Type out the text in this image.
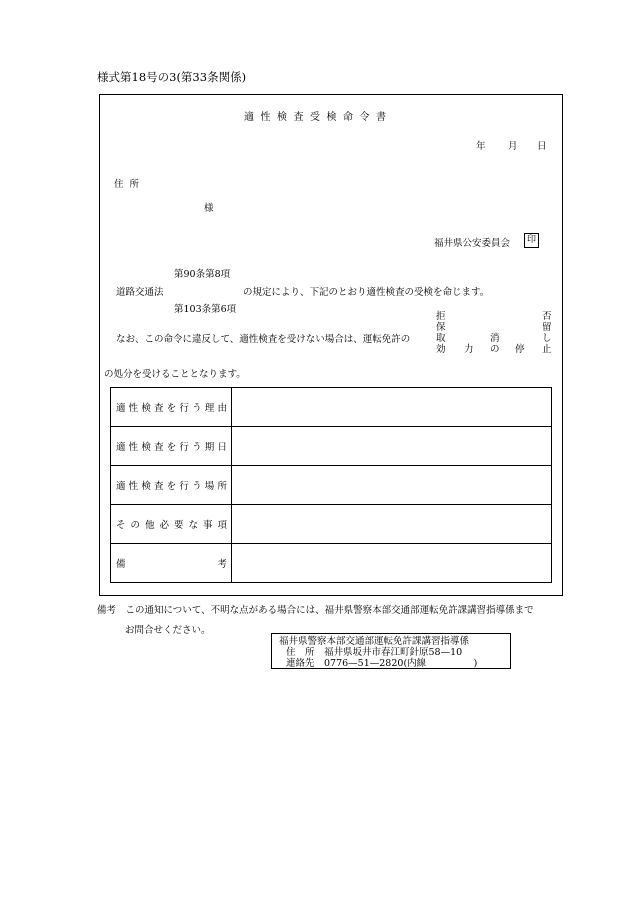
様式第18号の3(第33条関係)
適性検査受検命令書
年 月 日
住所
様
福井県公安委員会	印
第90条第8項
道路交通法	の規定により、下記のとおり適性検査の受検を命じます。
第103条第6項
なお、この命令に違反して、適性検査を受けない場合は、運転免許の
拒
保
取
効 力
消
の 停
否
留
し
止
の処分を受けることとなります。
適性検査を行う理由	
適性検査を行う期日	
適性検査を行う場所	
その他必要な事項	
備考	
備考　この通知について、不明な点がある場合には、福井県警察本部交通部運転免許課講習指導係まで
お問合せください。
福井県警察本部交通部運転免許課講習指導係
住　所　福井県坂井市春江町針原58—10
連絡先　0776—51—2820(内線　　　　　)
